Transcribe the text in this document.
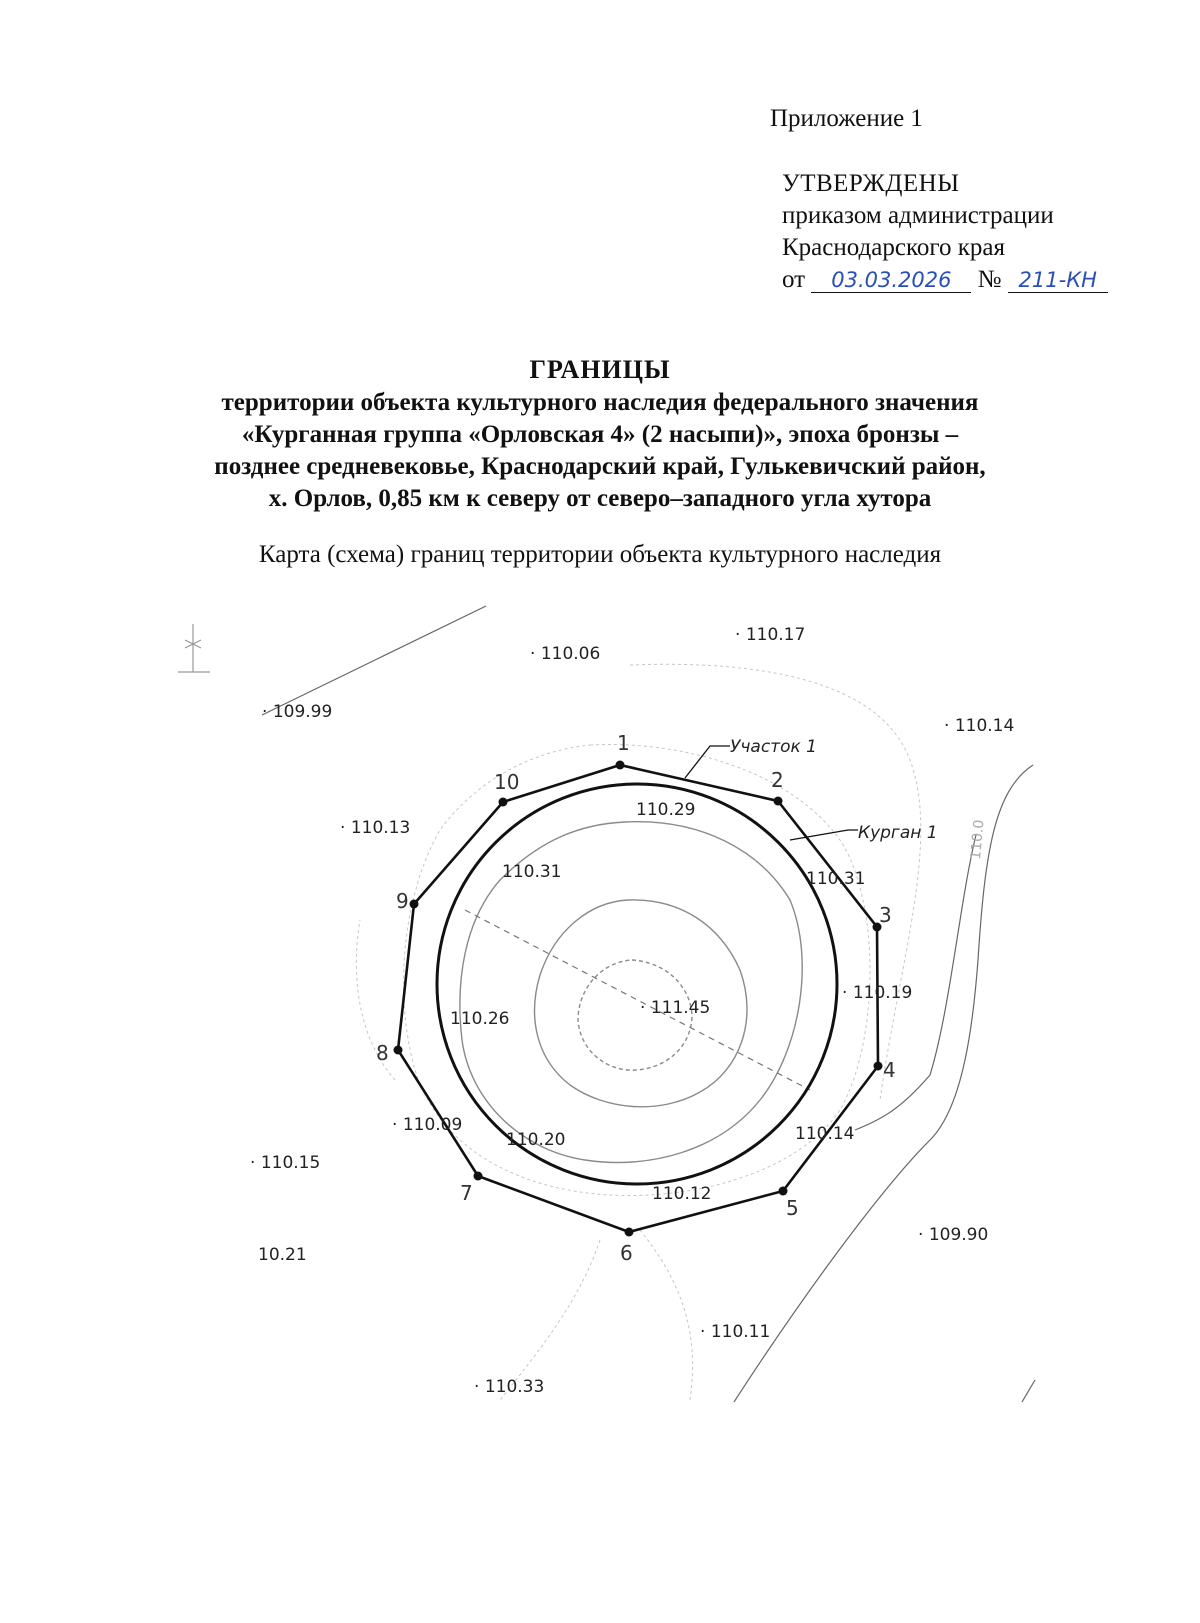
Приложение 1
УТВЕРЖДЕНЫ
приказом администрации
Краснодарского края
от 03.03.2026 № 211-КН
ГРАНИЦЫ
территории объекта культурного наследия федерального значения
«Курганная группа «Орловская 4» (2 насыпи)», эпоха бронзы –
позднее средневековье, Краснодарский край, Гулькевичский район,
х. Орлов, 0,85 км к северу от северо–западного угла хутора
Карта (схема) границ территории объекта культурного наследия
1
2
3
4
5
6
7
8
9
10
Участок 1
Курган 1 110.0
· 110.06
· 110.17
· 109.99
· 110.14
· 110.13
110.29
110.31	110.31
· 110.19
· 111.45
110.26
· 110.09
110.20	110.14
· 110.15
110.12
· 109.90
10.21
· 110.11
· 110.33
